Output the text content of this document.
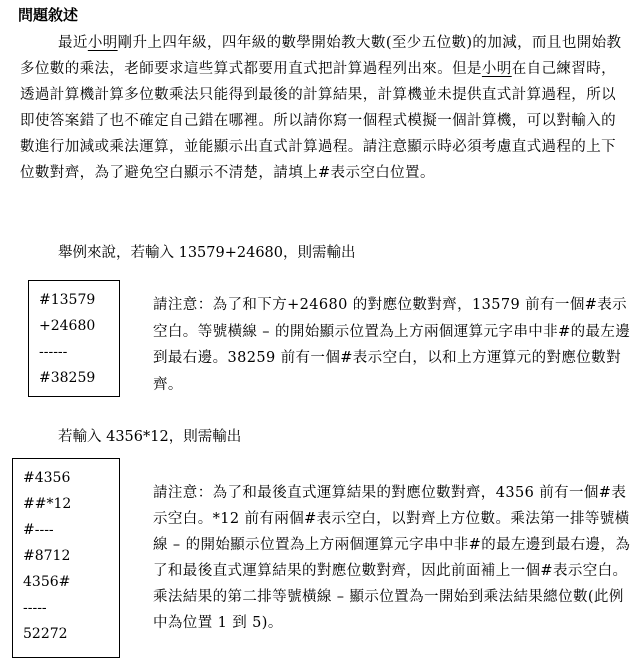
問題敘述

最近小明剛升上四年級，四年級的數學開始教大數(至少五位數)的加減，而且也開始教多位數的乘法，老師要求這些算式都要用直式把計算過程列出來。但是小明在自己練習時，透過計算機計算多位數乘法只能得到最後的計算結果，計算機並未提供直式計算過程，所以即使答案錯了也不確定自己錯在哪裡。所以請你寫一個程式模擬一個計算機，可以對輸入的數進行加減或乘法運算，並能顯示出直式計算過程。請注意顯示時必須考慮直式過程的上下位數對齊，為了避免空白顯示不清楚，請填上#表示空白位置。

舉例來說，若輸入 13579+24680，則需輸出

#13579
+24680
------
#38259

請注意：為了和下方+24680 的對應位數對齊，13579 前有一個#表示空白。等號橫線 – 的開始顯示位置為上方兩個運算元字串中非#的最左邊到最右邊。38259 前有一個#表示空白，以和上方運算元的對應位數對齊。

若輸入 4356*12，則需輸出

#4356
##*12
#----
#8712
4356#
-----
52272

請注意：為了和最後直式運算結果的對應位數對齊，4356 前有一個#表示空白。*12 前有兩個#表示空白，以對齊上方位數。乘法第一排等號橫線 – 的開始顯示位置為上方兩個運算元字串中非#的最左邊到最右邊，為了和最後直式運算結果的對應位數對齊，因此前面補上一個#表示空白。乘法結果的第二排等號橫線 – 顯示位置為一開始到乘法結果總位數(此例中為位置 1 到 5)。
